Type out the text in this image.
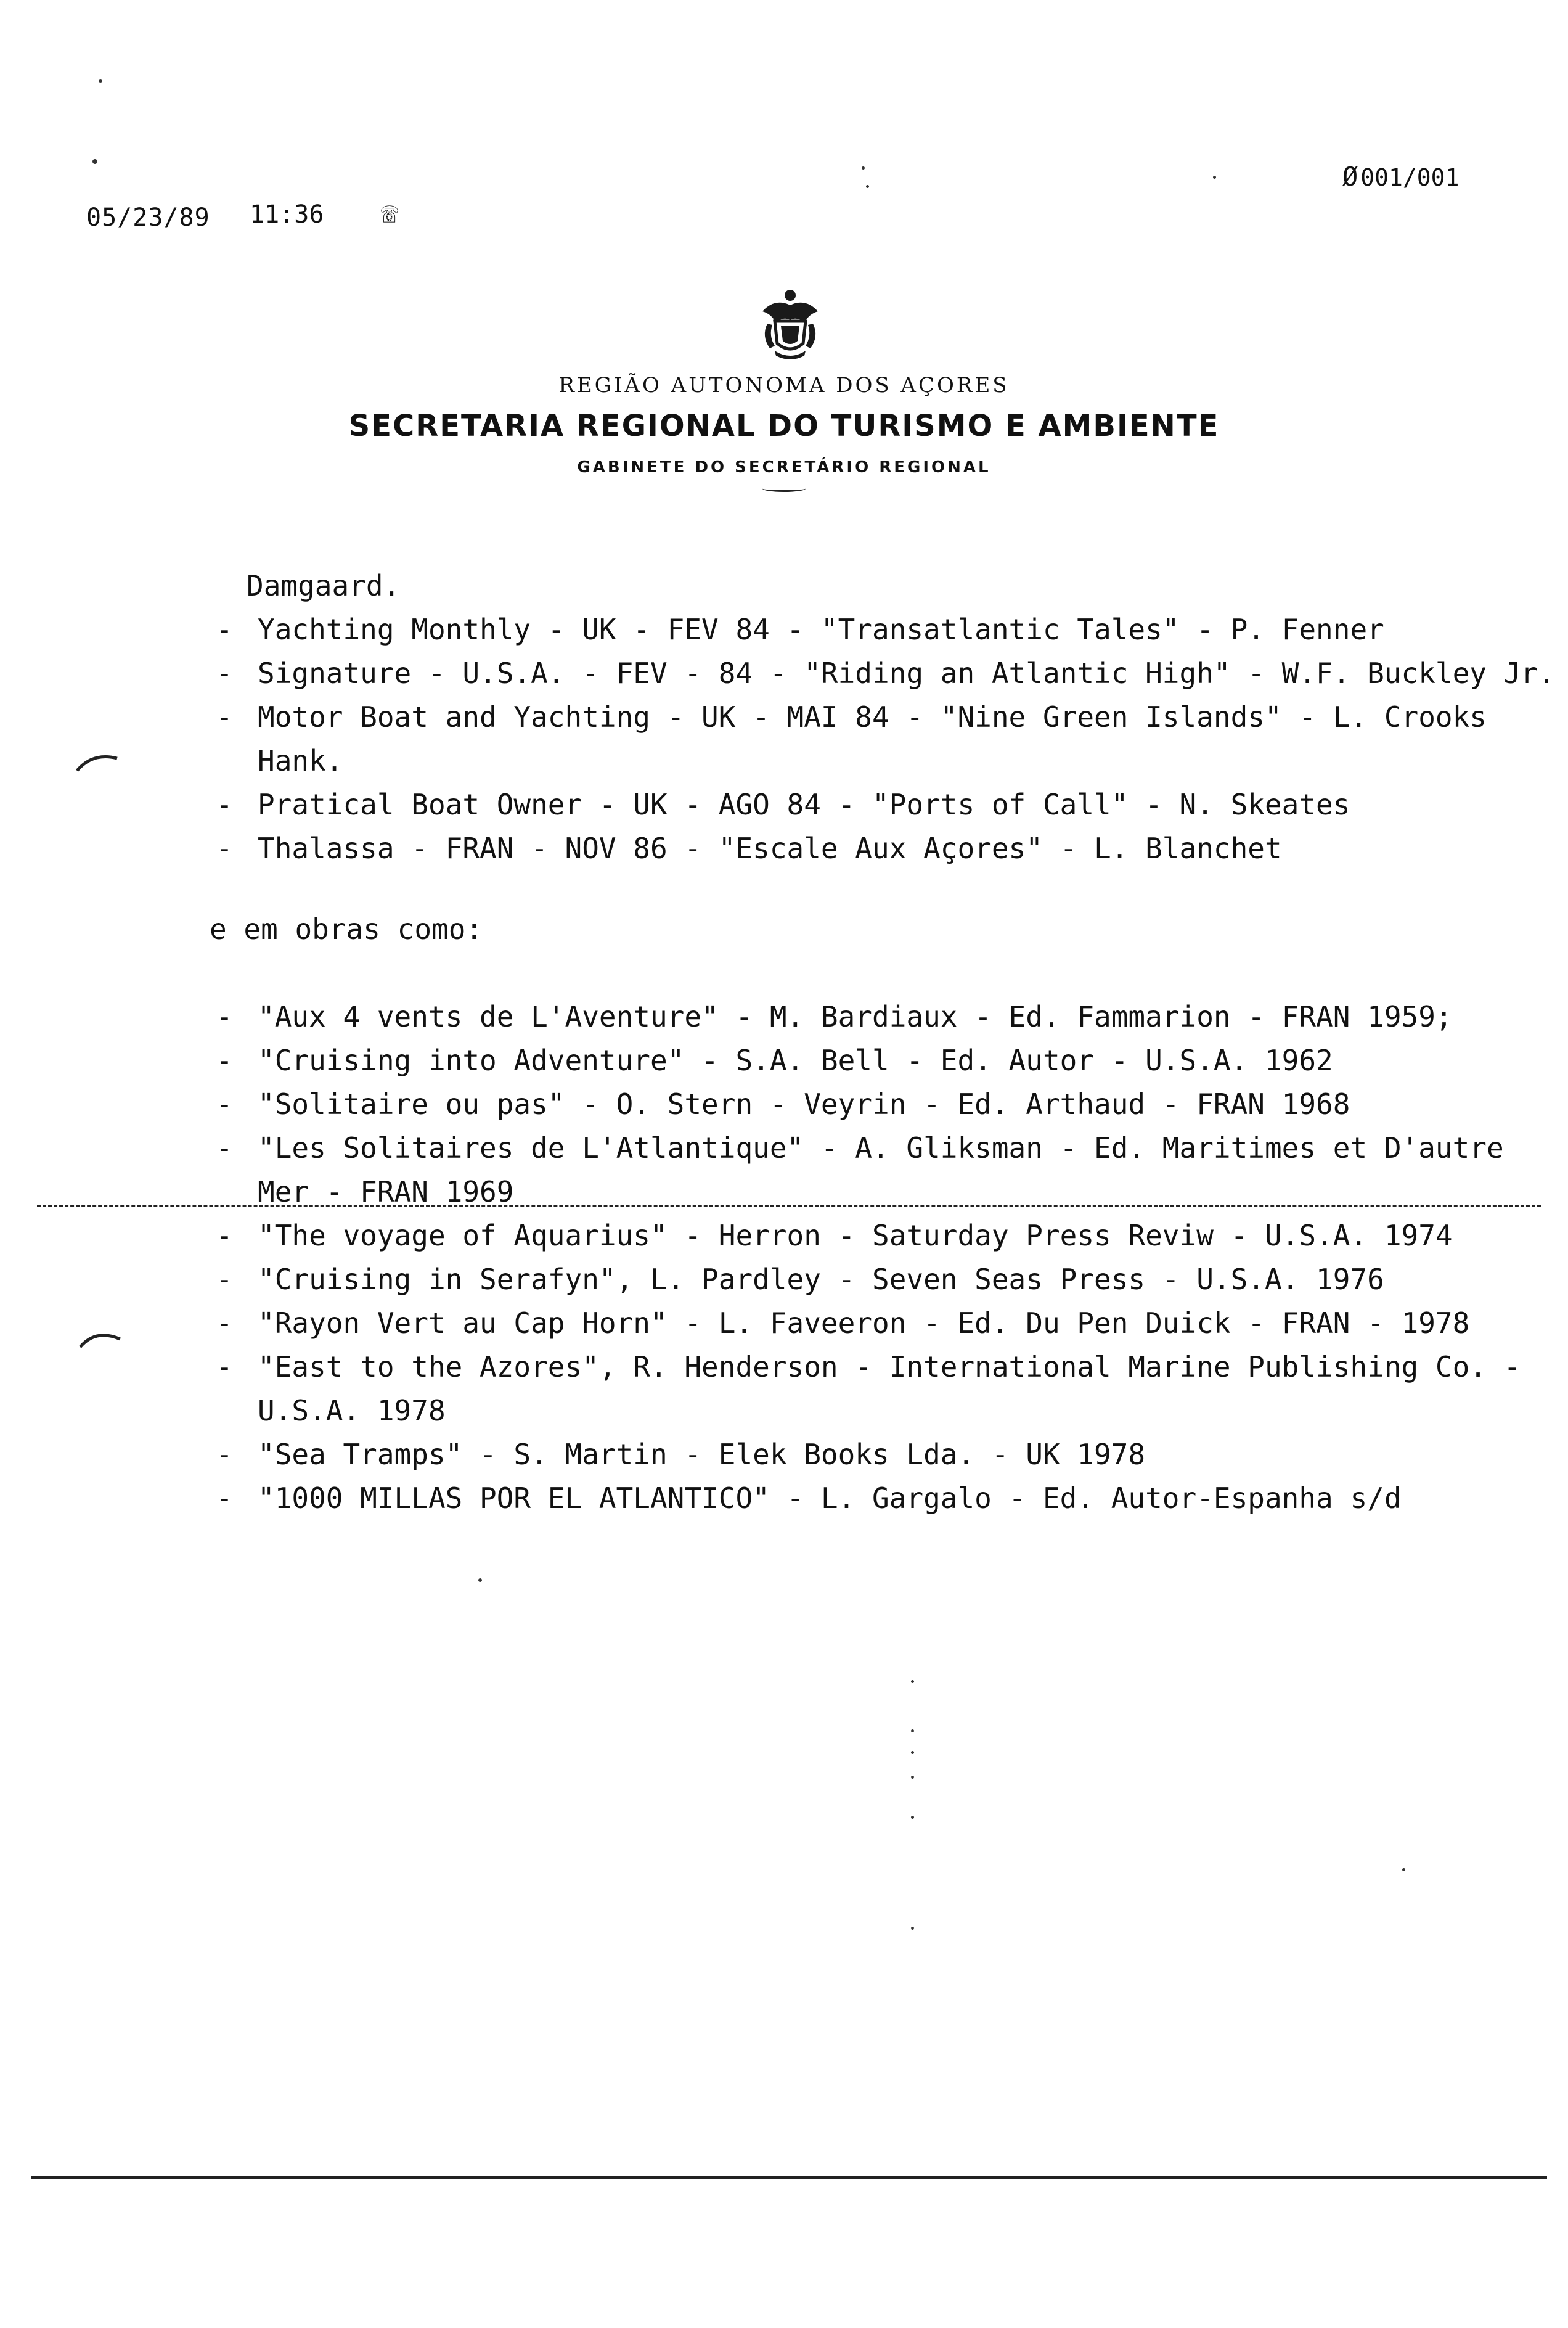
05/23/89 11:36 ☏
Ø 001/001
REGIÃO AUTONOMA DOS AÇORES
SECRETARIA REGIONAL DO TURISMO E AMBIENTE
GABINETE DO SECRETÁRIO REGIONAL
Damgaard.
- Yachting Monthly - UK - FEV 84 - "Transatlantic Tales" - P. Fenner
- Signature - U.S.A. - FEV - 84 - "Riding an Atlantic High" - W.F. Buckley Jr.
- Motor Boat and Yachting - UK - MAI 84 - "Nine Green Islands" - L. Crooks
Hank.
- Pratical Boat Owner - UK - AGO 84 - "Ports of Call" - N. Skeates
- Thalassa - FRAN - NOV 86 - "Escale Aux Açores" - L. Blanchet
e em obras como:
- "Aux 4 vents de L'Aventure" - M. Bardiaux - Ed. Fammarion - FRAN 1959;
- "Cruising into Adventure" - S.A. Bell - Ed. Autor - U.S.A. 1962
- "Solitaire ou pas" - O. Stern - Veyrin - Ed. Arthaud - FRAN 1968
- "Les Solitaires de L'Atlantique" - A. Gliksman - Ed. Maritimes et D'autre
Mer - FRAN 1969
- "The voyage of Aquarius" - Herron - Saturday Press Reviw - U.S.A. 1974
- "Cruising in Serafyn", L. Pardley - Seven Seas Press - U.S.A. 1976
- "Rayon Vert au Cap Horn" - L. Faveeron - Ed. Du Pen Duick - FRAN - 1978
- "East to the Azores", R. Henderson - International Marine Publishing Co. -
U.S.A. 1978
- "Sea Tramps" - S. Martin - Elek Books Lda. - UK 1978
- "1000 MILLAS POR EL ATLANTICO" - L. Gargalo - Ed. Autor-Espanha s/d
